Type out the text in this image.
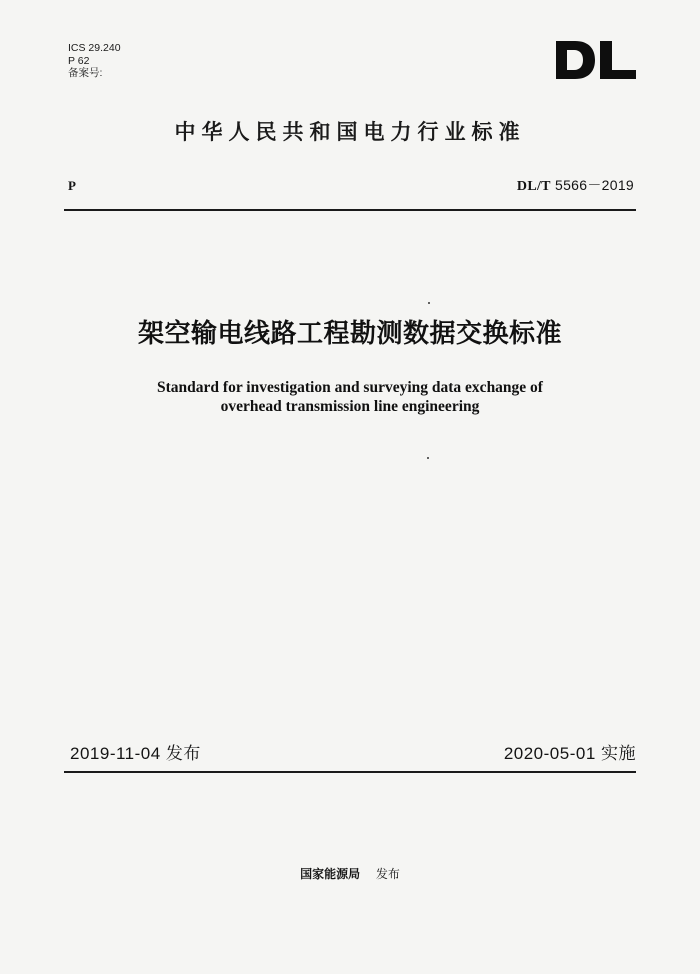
ICS 29.240
P 62
备案号:
中华人民共和国电力行业标准
P	DL/T 5566－2019
架空输电线路工程勘测数据交换标准
Standard for investigation and surveying data exchange of
overhead transmission line engineering
2019-11-04 发布	2020-05-01 实施
国家能源局 发布
